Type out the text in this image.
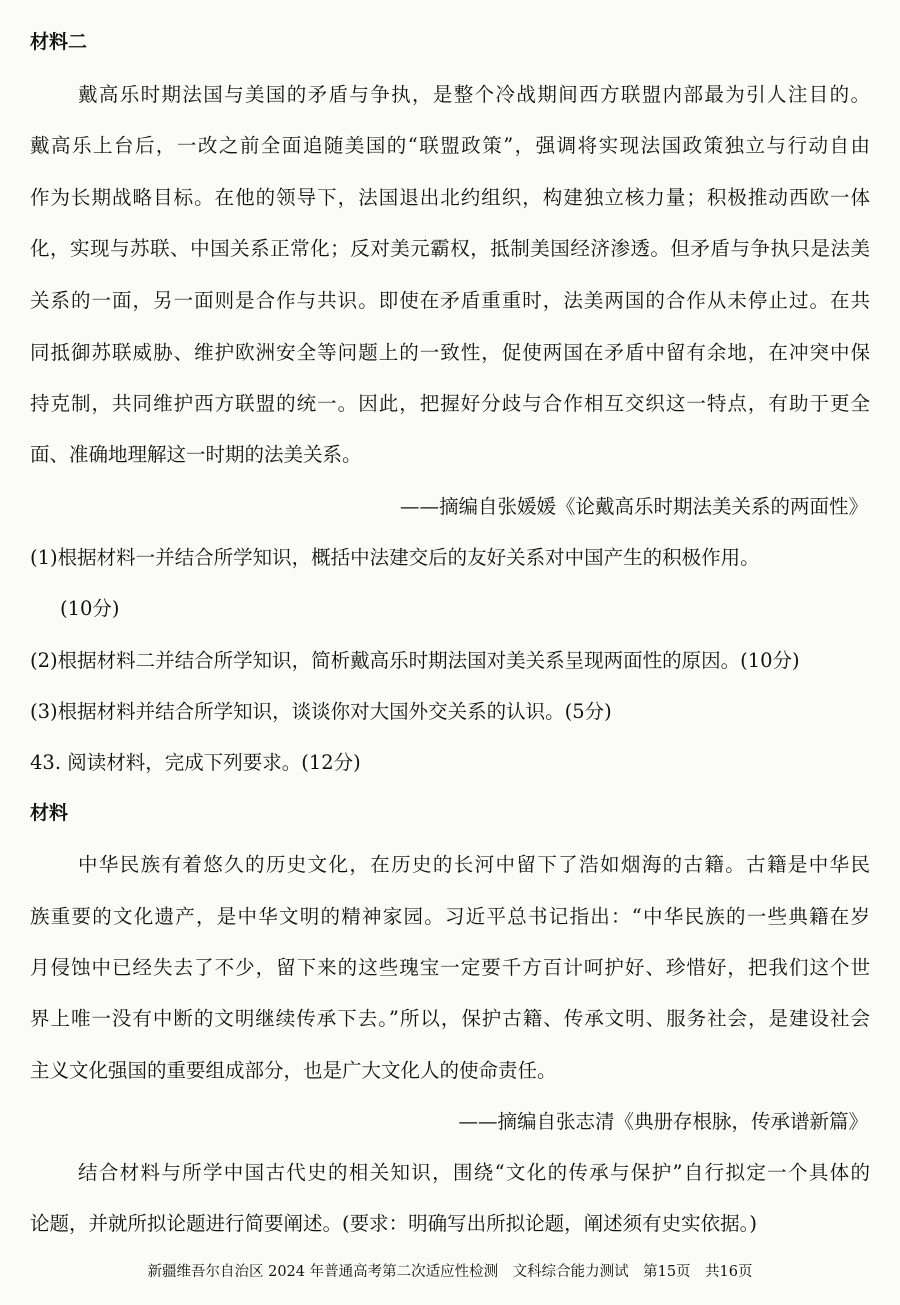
材料二
戴高乐时期法国与美国的矛盾与争执，是整个冷战期间西方联盟内部最为引人注目的。
戴高乐上台后，一改之前全面追随美国的“联盟政策”，强调将实现法国政策独立与行动自由
作为长期战略目标。在他的领导下，法国退出北约组织，构建独立核力量；积极推动西欧一体
化，实现与苏联、中国关系正常化；反对美元霸权，抵制美国经济渗透。但矛盾与争执只是法美
关系的一面，另一面则是合作与共识。即使在矛盾重重时，法美两国的合作从未停止过。在共
同抵御苏联威胁、维护欧洲安全等问题上的一致性，促使两国在矛盾中留有余地，在冲突中保
持克制，共同维护西方联盟的统一。因此，把握好分歧与合作相互交织这一特点，有助于更全
面、准确地理解这一时期的法美关系。
——摘编自张媛媛《论戴高乐时期法美关系的两面性》
(1)根据材料一并结合所学知识，概括中法建交后的友好关系对中国产生的积极作用。
(10分)
(2)根据材料二并结合所学知识，简析戴高乐时期法国对美关系呈现两面性的原因。(10分)
(3)根据材料并结合所学知识，谈谈你对大国外交关系的认识。(5分)
43. 阅读材料，完成下列要求。(12分)
材料
中华民族有着悠久的历史文化，在历史的长河中留下了浩如烟海的古籍。古籍是中华民
族重要的文化遗产，是中华文明的精神家园。习近平总书记指出：“中华民族的一些典籍在岁
月侵蚀中已经失去了不少，留下来的这些瑰宝一定要千方百计呵护好、珍惜好，把我们这个世
界上唯一没有中断的文明继续传承下去。”所以，保护古籍、传承文明、服务社会，是建设社会
主义文化强国的重要组成部分，也是广大文化人的使命责任。
——摘编自张志清《典册存根脉，传承谱新篇》
结合材料与所学中国古代史的相关知识，围绕“文化的传承与保护”自行拟定一个具体的
论题，并就所拟论题进行简要阐述。(要求：明确写出所拟论题，阐述须有史实依据。)
新疆维吾尔自治区 2024 年普通高考第二次适应性检测　文科综合能力测试　第15页　共16页
